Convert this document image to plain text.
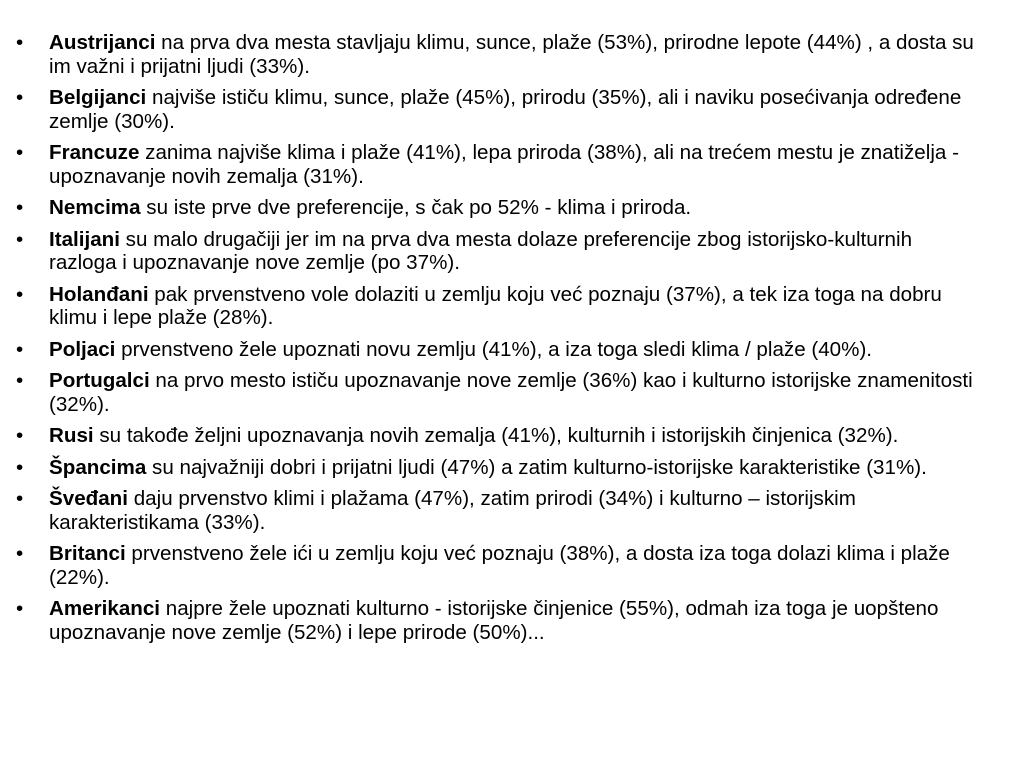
•	Austrijanci na prva dva mesta stavljaju klimu, sunce, plaže (53%), prirodne lepote (44%) , a dosta su im važni i prijatni ljudi (33%).
•	Belgijanci najviše ističu klimu, sunce, plaže (45%), prirodu (35%), ali i naviku posećivanja određene zemlje (30%).
•	Francuze zanima najviše klima i plaže (41%), lepa priroda (38%), ali na trećem mestu je znatiželja - upoznavanje novih zemalja (31%).
•	Nemcima su iste prve dve preferencije, s čak po 52% - klima i priroda.
•	Italijani su malo drugačiji jer im na prva dva mesta dolaze preferencije zbog istorijsko-kulturnih razloga i upoznavanje nove zemlje (po 37%).
•	Holanđani pak prvenstveno vole dolaziti u zemlju koju već poznaju (37%), a tek iza toga na dobru klimu i lepe plaže (28%).
•	Poljaci prvenstveno žele upoznati novu zemlju (41%), a iza toga sledi klima / plaže (40%).
•	Portugalci na prvo mesto ističu upoznavanje nove zemlje (36%) kao i kulturno istorijske znamenitosti (32%).
•	Rusi su takođe željni upoznavanja novih zemalja (41%), kulturnih i istorijskih činjenica (32%).
•	Špancima su najvažniji dobri i prijatni ljudi (47%) a zatim kulturno-istorijske karakteristike (31%).
•	Šveđani daju prvenstvo klimi i plažama (47%), zatim prirodi (34%) i kulturno – istorijskim karakteristikama (33%).
•	Britanci prvenstveno žele ići u zemlju koju već poznaju (38%), a dosta iza toga dolazi klima i plaže (22%).
•	Amerikanci najpre žele upoznati kulturno - istorijske činjenice (55%), odmah iza toga je uopšteno upoznavanje nove zemlje (52%) i lepe prirode (50%)...
